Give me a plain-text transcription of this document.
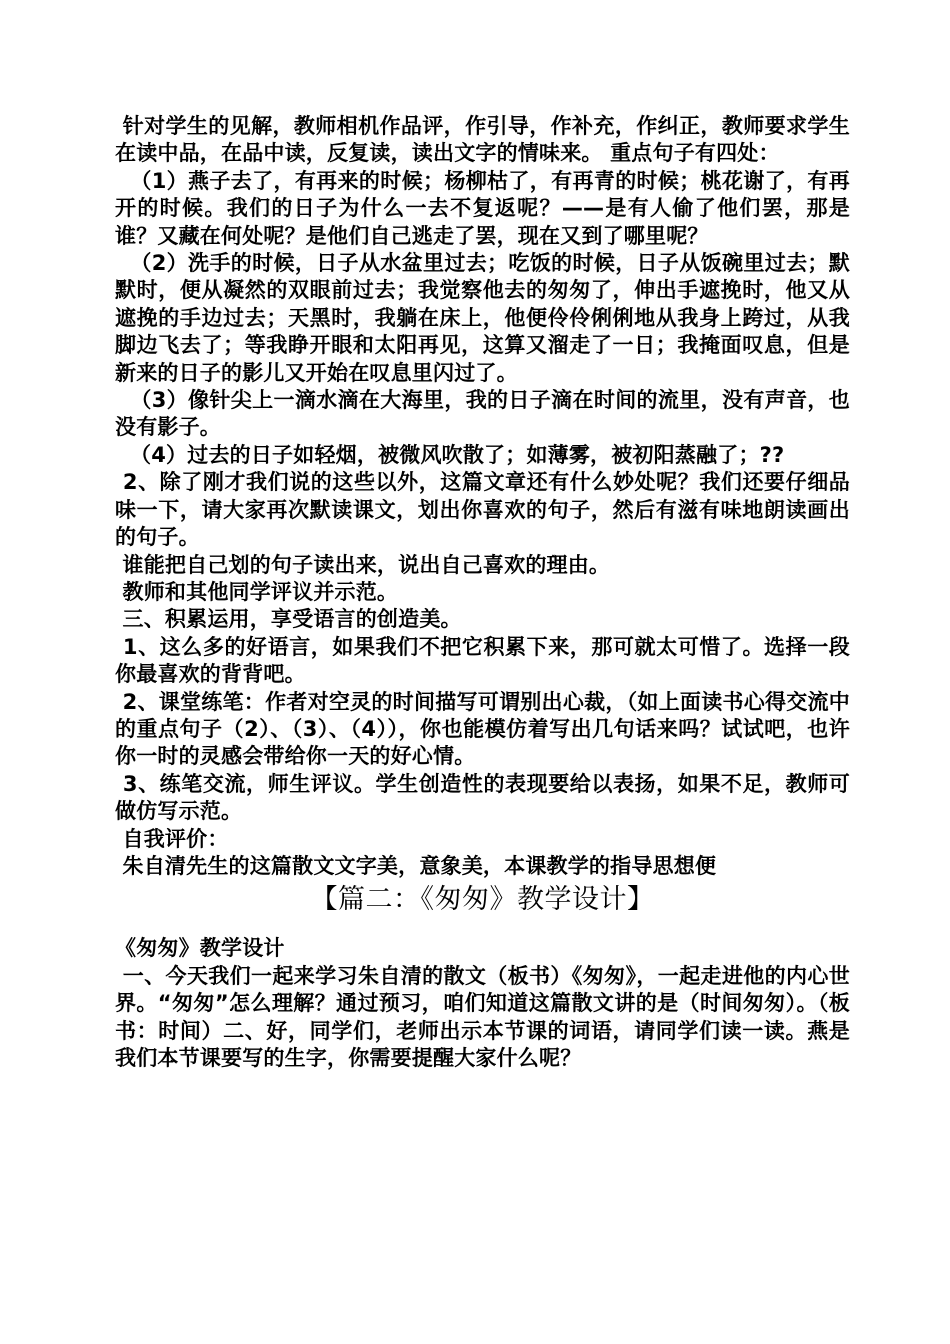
针对学生的见解，教师相机作品评，作引导，作补充，作纠正，教师要求学生在读中品，在品中读，反复读，读出文字的情味来。 重点句子有四处：

（1）燕子去了，有再来的时候；杨柳枯了，有再青的时候；桃花谢了，有再开的时候。我们的日子为什么一去不复返呢？——是有人偷了他们罢，那是谁？又藏在何处呢？是他们自己逃走了罢，现在又到了哪里呢？

（2）洗手的时候，日子从水盆里过去；吃饭的时候，日子从饭碗里过去；默默时，便从凝然的双眼前过去；我觉察他去的匆匆了，伸出手遮挽时，他又从遮挽的手边过去；天黑时，我躺在床上，他便伶伶俐俐地从我身上跨过，从我脚边飞去了；等我睁开眼和太阳再见，这算又溜走了一日；我掩面叹息，但是新来的日子的影儿又开始在叹息里闪过了。

（3）像针尖上一滴水滴在大海里，我的日子滴在时间的流里，没有声音，也没有影子。

（4）过去的日子如轻烟，被微风吹散了；如薄雾，被初阳蒸融了；??

2、除了刚才我们说的这些以外，这篇文章还有什么妙处呢？我们还要仔细品味一下，请大家再次默读课文，划出你喜欢的句子，然后有滋有味地朗读画出的句子。

谁能把自己划的句子读出来，说出自己喜欢的理由。

教师和其他同学评议并示范。

三、积累运用，享受语言的创造美。

1、这么多的好语言，如果我们不把它积累下来，那可就太可惜了。选择一段你最喜欢的背背吧。

2、课堂练笔：作者对空灵的时间描写可谓别出心裁，（如上面读书心得交流中的重点句子（2）、（3）、（4）），你也能模仿着写出几句话来吗？试试吧，也许你一时的灵感会带给你一天的好心情。

3、练笔交流，师生评议。学生创造性的表现要给以表扬，如果不足，教师可做仿写示范。

自我评价：

朱自清先生的这篇散文文字美，意象美，本课教学的指导思想便

【篇二：《匆匆》教学设计】

《匆匆》教学设计

一、今天我们一起来学习朱自清的散文（板书）《匆匆》，一起走进他的内心世界。“匆匆”怎么理解？通过预习，咱们知道这篇散文讲的是（时间匆匆）。（板书：时间）二、好，同学们，老师出示本节课的词语，请同学们读一读。燕是我们本节课要写的生字，你需要提醒大家什么呢？
